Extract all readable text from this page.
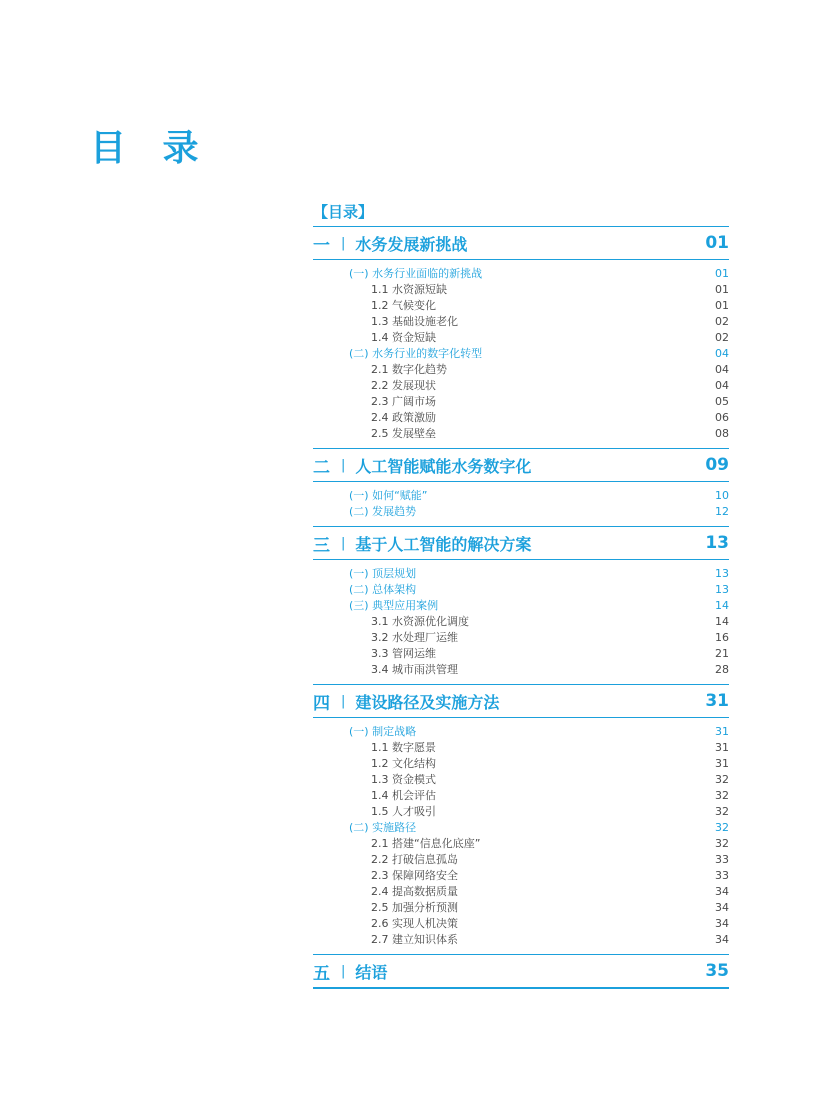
目 录
【目录】
一 | 水务发展新挑战	01
(一) 水务行业面临的新挑战	01
1.1 水资源短缺	01
1.2 气候变化	01
1.3 基础设施老化	02
1.4 资金短缺	02
(二) 水务行业的数字化转型	04
2.1 数字化趋势	04
2.2 发展现状	04
2.3 广阔市场	05
2.4 政策激励	06
2.5 发展壁垒	08
二 | 人工智能赋能水务数字化	09
(一) 如何“赋能”	10
(二) 发展趋势	12
三 | 基于人工智能的解决方案	13
(一) 顶层规划	13
(二) 总体架构	13
(三) 典型应用案例	14
3.1 水资源优化调度	14
3.2 水处理厂运维	16
3.3 管网运维	21
3.4 城市雨洪管理	28
四 | 建设路径及实施方法	31
(一) 制定战略	31
1.1 数字愿景	31
1.2 文化结构	31
1.3 资金模式	32
1.4 机会评估	32
1.5 人才吸引	32
(二) 实施路径	32
2.1 搭建“信息化底座”	32
2.2 打破信息孤岛	33
2.3 保障网络安全	33
2.4 提高数据质量	34
2.5 加强分析预测	34
2.6 实现人机决策	34
2.7 建立知识体系	34
五 | 结语	35
